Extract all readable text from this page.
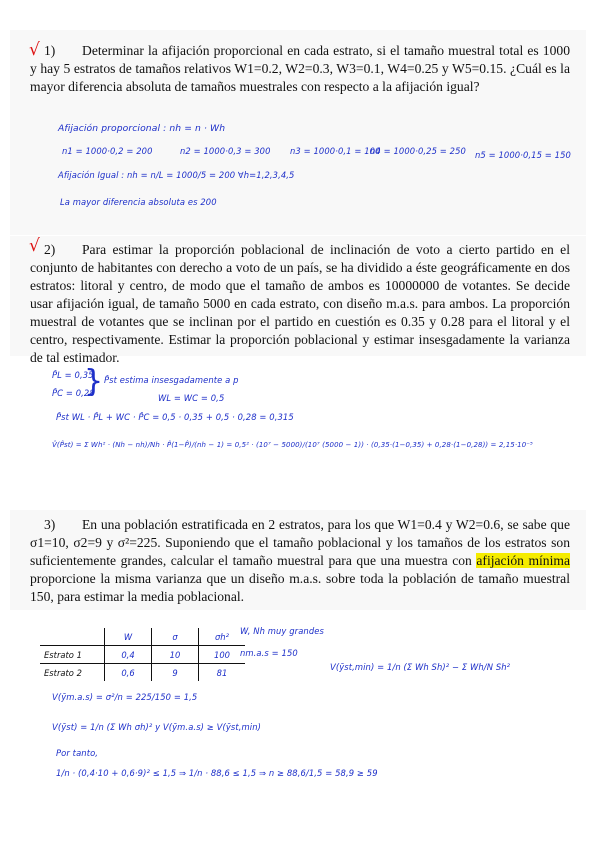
√ 1) Determinar la afijación proporcional en cada estrato, si el tamaño muestral total es 1000 y hay 5 estratos de tamaños relativos W1=0.2, W2=0.3, W3=0.1, W4=0.25 y W5=0.15. ¿Cuál es la mayor diferencia absoluta de tamaños muestrales con respecto a la afijación igual?
Afijación proporcional : nh = n · Wh
n1 = 1000·0,2 = 200	n2 = 1000·0,3 = 300 n3 = 1000·0,1 = 100
n4 = 1000·0,25 = 250 n5 = 1000·0,15 = 150
Afijación Igual : nh = n/L = 1000/5 = 200 ∀h=1,2,3,4,5
La mayor diferencia absoluta es 200
√ 2) Para estimar la proporción poblacional de inclinación de voto a cierto partido en el conjunto de habitantes con derecho a voto de un país, se ha dividido a éste geográficamente en dos estratos: litoral y centro, de modo que el tamaño de ambos es 10000000 de votantes. Se decide usar afijación igual, de tamaño 5000 en cada estrato, con diseño m.a.s. para ambos. La proporción muestral de votantes que se inclinan por el partido en cuestión es 0.35 y 0.28 para el litoral y el centro, respectivamente. Estimar la proporción poblacional y estimar insesgadamente la varianza de tal estimador.
P̂L = 0,35
P̂C = 0,28
} P̂st estima insesgadamente a p
WL = WC = 0,5
P̂st WL · P̂L + WC · P̂C = 0,5 · 0,35 + 0,5 · 0,28 = 0,315
V̂(P̂st) = Σ Wh² · (Nh − nh)/Nh · P̂(1−P̂)/(nh − 1) = 0,5² · (10⁷ − 5000)/(10⁷ (5000 − 1)) · (0,35·(1−0,35) + 0,28·(1−0,28)) = 2,15·10⁻⁵
3) En una población estratificada en 2 estratos, para los que W1=0.4 y W2=0.6, se sabe que σ1=10, σ2=9 y σ²=225. Suponiendo que el tamaño poblacional y los tamaños de los estratos son suficientemente grandes, calcular el tamaño muestral para que una muestra con afijación mínima proporcione la misma varianza que un diseño m.a.s. sobre toda la población de tamaño muestral 150, para estimar la media poblacional.
	W	σ	σh²
Estrato 1	0,4	10	100
Estrato 2	0,6	9	81
W, Nh muy grandes
nm.a.s = 150
V(ȳst,min) = 1/n (Σ Wh Sh)² − Σ Wh/N Sh²
V(ȳm.a.s) = σ²/n = 225/150 = 1,5
V(ȳst) = 1/n (Σ Wh σh)² y V(ȳm.a.s) ≥ V(ȳst,min)
Por tanto,
1/n · (0,4·10 + 0,6·9)² ≤ 1,5 ⇒ 1/n · 88,6 ≤ 1,5 ⇒ n ≥ 88,6/1,5 = 58,9 ≥ 59
